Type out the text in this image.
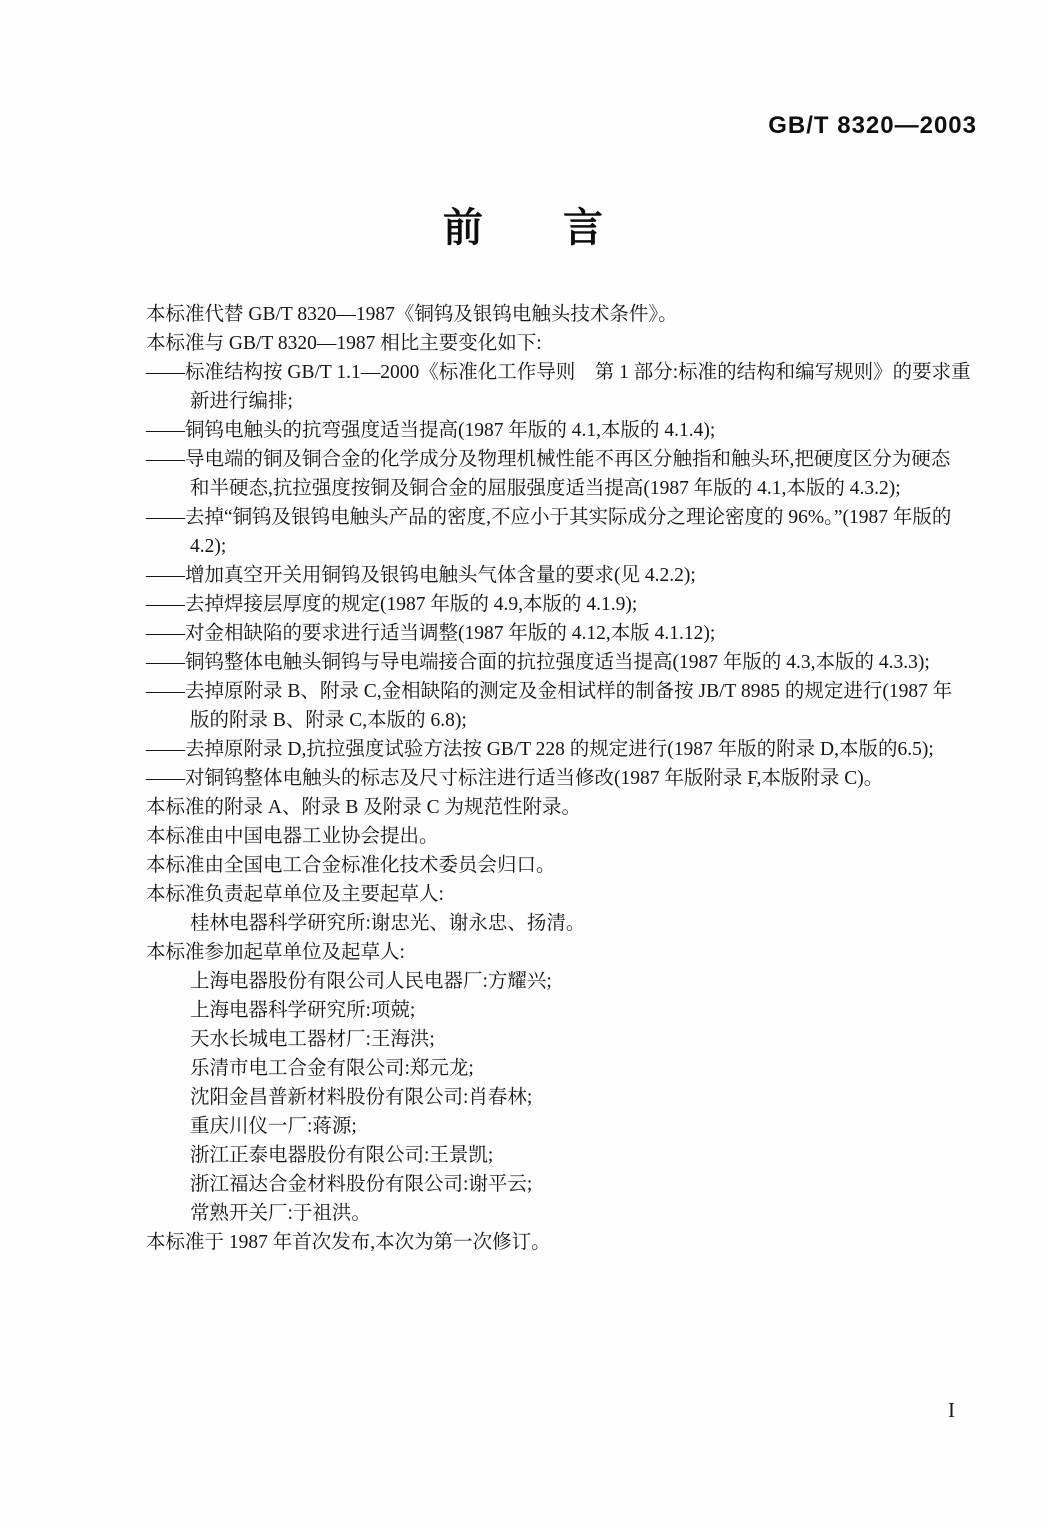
GB/T 8320—2003
前　　言
本标准代替 GB/T 8320—1987《铜钨及银钨电触头技术条件》。
本标准与 GB/T 8320—1987 相比主要变化如下:
——标准结构按 GB/T 1.1—2000《标准化工作导则　第 1 部分:标准的结构和编写规则》的要求重
新进行编排;
——铜钨电触头的抗弯强度适当提高(1987 年版的 4.1,本版的 4.1.4);
——导电端的铜及铜合金的化学成分及物理机械性能不再区分触指和触头环,把硬度区分为硬态
和半硬态,抗拉强度按铜及铜合金的屈服强度适当提高(1987 年版的 4.1,本版的 4.3.2);
——去掉“铜钨及银钨电触头产品的密度,不应小于其实际成分之理论密度的 96%。”(1987 年版的
4.2);
——增加真空开关用铜钨及银钨电触头气体含量的要求(见 4.2.2);
——去掉焊接层厚度的规定(1987 年版的 4.9,本版的 4.1.9);
——对金相缺陷的要求进行适当调整(1987 年版的 4.12,本版 4.1.12);
——铜钨整体电触头铜钨与导电端接合面的抗拉强度适当提高(1987 年版的 4.3,本版的 4.3.3);
——去掉原附录 B、附录 C,金相缺陷的测定及金相试样的制备按 JB/T 8985 的规定进行(1987 年
版的附录 B、附录 C,本版的 6.8);
——去掉原附录 D,抗拉强度试验方法按 GB/T 228 的规定进行(1987 年版的附录 D,本版的6.5);
——对铜钨整体电触头的标志及尺寸标注进行适当修改(1987 年版附录 F,本版附录 C)。
本标准的附录 A、附录 B 及附录 C 为规范性附录。
本标准由中国电器工业协会提出。
本标准由全国电工合金标准化技术委员会归口。
本标准负责起草单位及主要起草人:
桂林电器科学研究所:谢忠光、谢永忠、扬清。
本标准参加起草单位及起草人:
上海电器股份有限公司人民电器厂:方耀兴;
上海电器科学研究所:项兢;
天水长城电工器材厂:王海洪;
乐清市电工合金有限公司:郑元龙;
沈阳金昌普新材料股份有限公司:肖春林;
重庆川仪一厂:蒋源;
浙江正泰电器股份有限公司:王景凯;
浙江福达合金材料股份有限公司:谢平云;
常熟开关厂:于祖洪。
本标准于 1987 年首次发布,本次为第一次修订。
I
